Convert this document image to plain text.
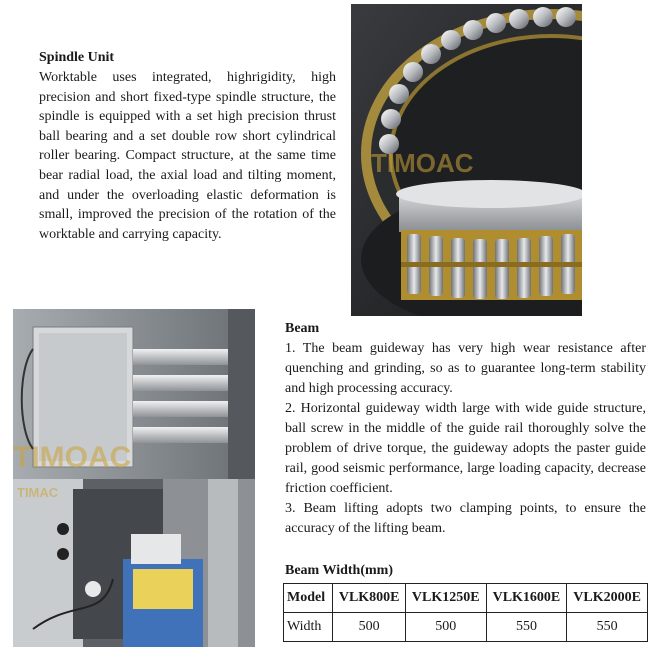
Spindle Unit

Worktable uses integrated, highrigidity, high precision and short fixed-type spindle structure, the spindle is equipped with a set high precision thrust ball bearing and a set double row short cylindrical roller bearing. Compact structure, at the same time bear radial load, the axial load and tilting moment, and under the overloading elastic deformation is small, improved the precision of the rotation of the worktable and carrying capacity.

TIMOAC

Beam

1. The beam guideway has very high wear resistance after quenching and grinding, so as to guarantee long-term stability and high processing accuracy.

2. Horizontal guideway width large with wide guide structure, ball screw in the middle of the guide rail thoroughly solve the problem of drive torque, the guideway adopts the paster guide rail, good seismic performance, large loading capacity, decrease friction coefficient.

3. Beam lifting adopts two clamping points, to ensure the accuracy of the lifting beam.

TIMOAC
TIMAC
Beam Width(mm)
Model	VLK800E	VLK1250E	VLK1600E	VLK2000E
Width	500	500	550	550
